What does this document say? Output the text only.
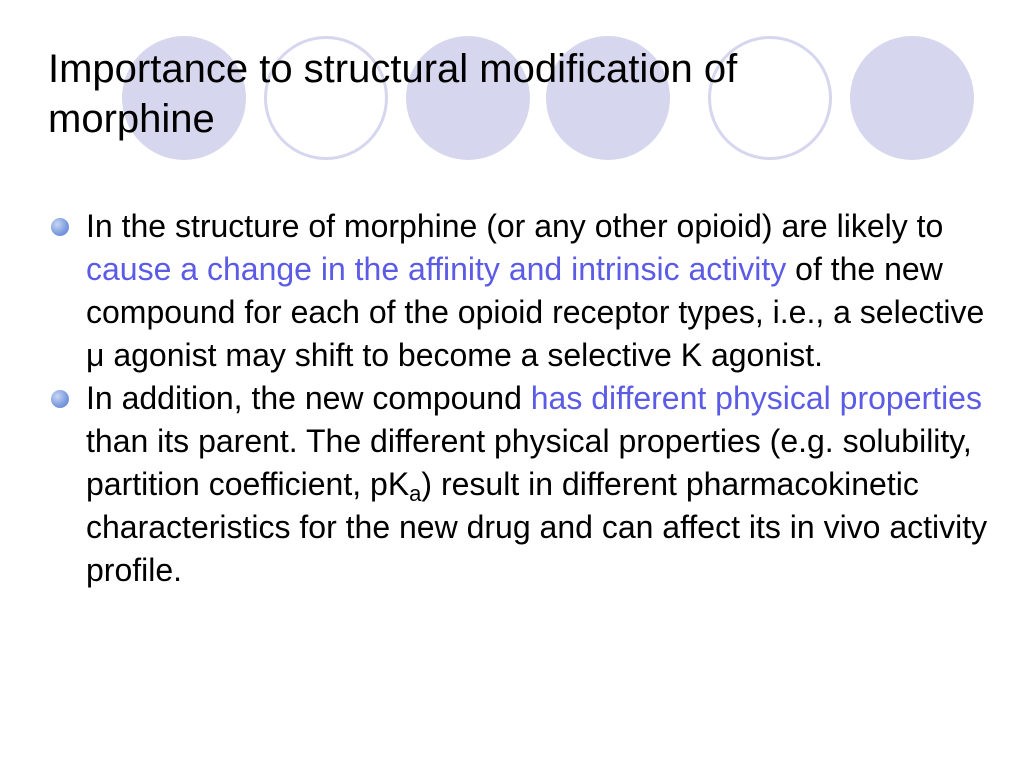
Importance to structural modification of
morphine
In the structure of morphine (or any other opioid) are likely to cause a change in the affinity and intrinsic activity of the new compound for each of the opioid receptor types, i.e., a selective μ agonist may shift to become a selective Κ agonist.
In addition, the new compound has different physical properties than its parent. The different physical properties (e.g. solubility, partition coefficient, $pK_a$) result in different pharmacokinetic characteristics for the new drug and can affect its in vivo activity profile.
